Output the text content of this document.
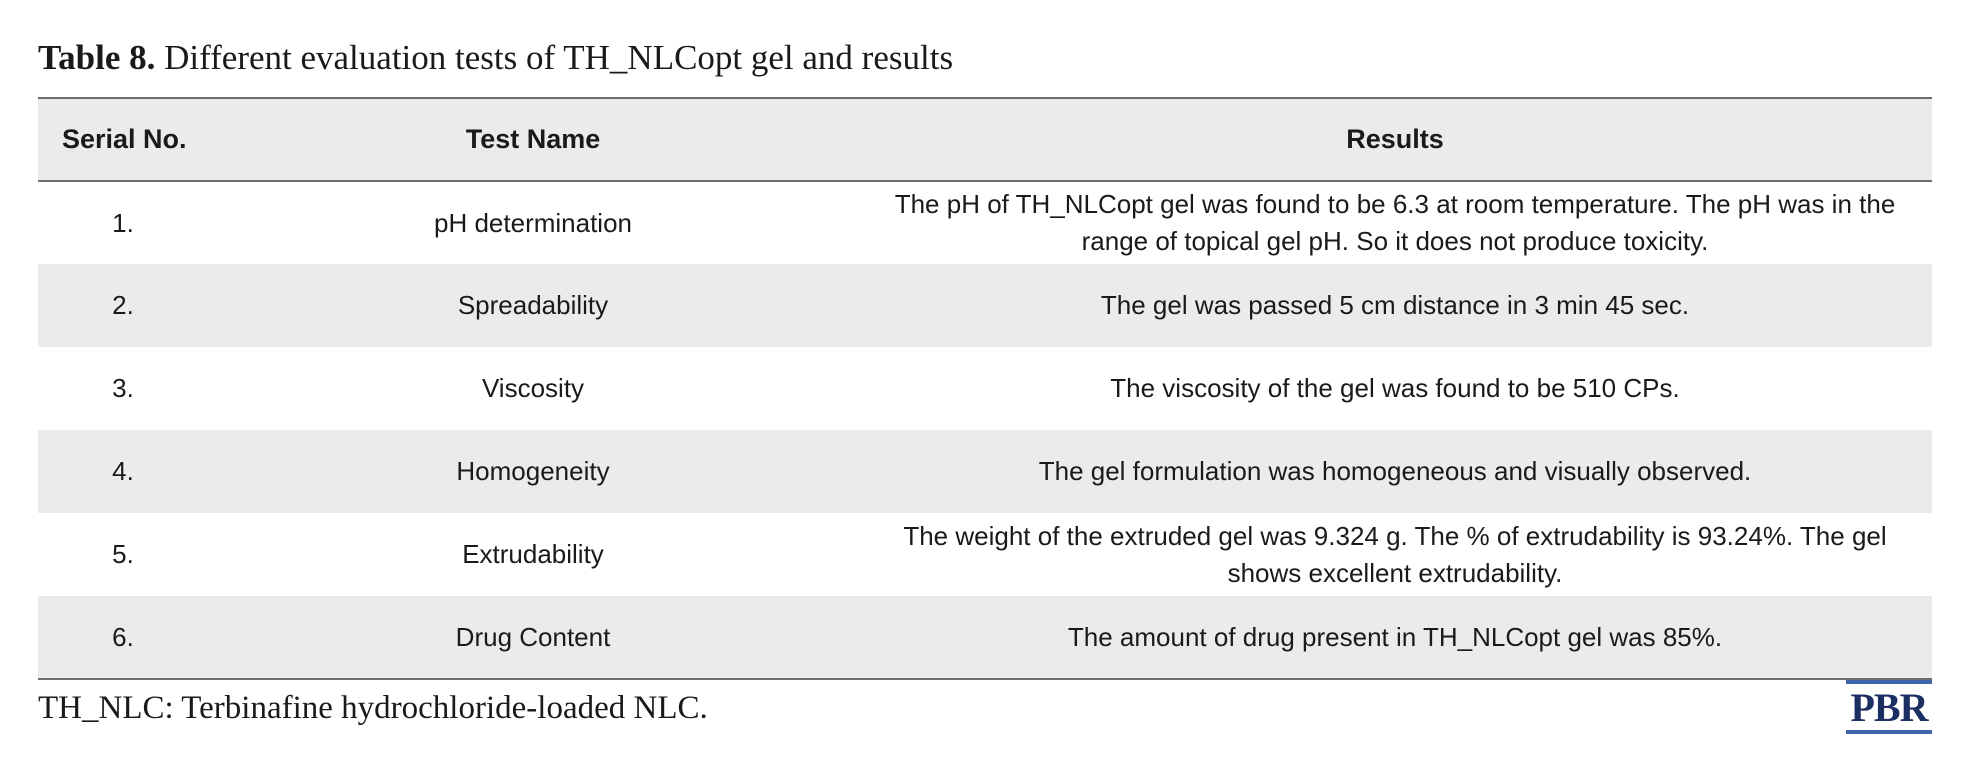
Table 8. Different evaluation tests of TH_NLCopt gel and results
Serial No.	Test Name	Results
1.	pH determination	The pH of TH_NLCopt gel was found to be 6.3 at room temperature. The pH was in the range of topical gel pH. So it does not produce toxicity.
2.	Spreadability	The gel was passed 5 cm distance in 3 min 45 sec.
3.	Viscosity	The viscosity of the gel was found to be 510 CPs.
4.	Homogeneity	The gel formulation was homogeneous and visually observed.
5.	Extrudability	The weight of the extruded gel was 9.324 g. The % of extrudability is 93.24%. The gel shows excellent extrudability.
6.	Drug Content	The amount of drug present in TH_NLCopt gel was 85%.
TH_NLC: Terbinafine hydrochloride-loaded NLC.	PBR
